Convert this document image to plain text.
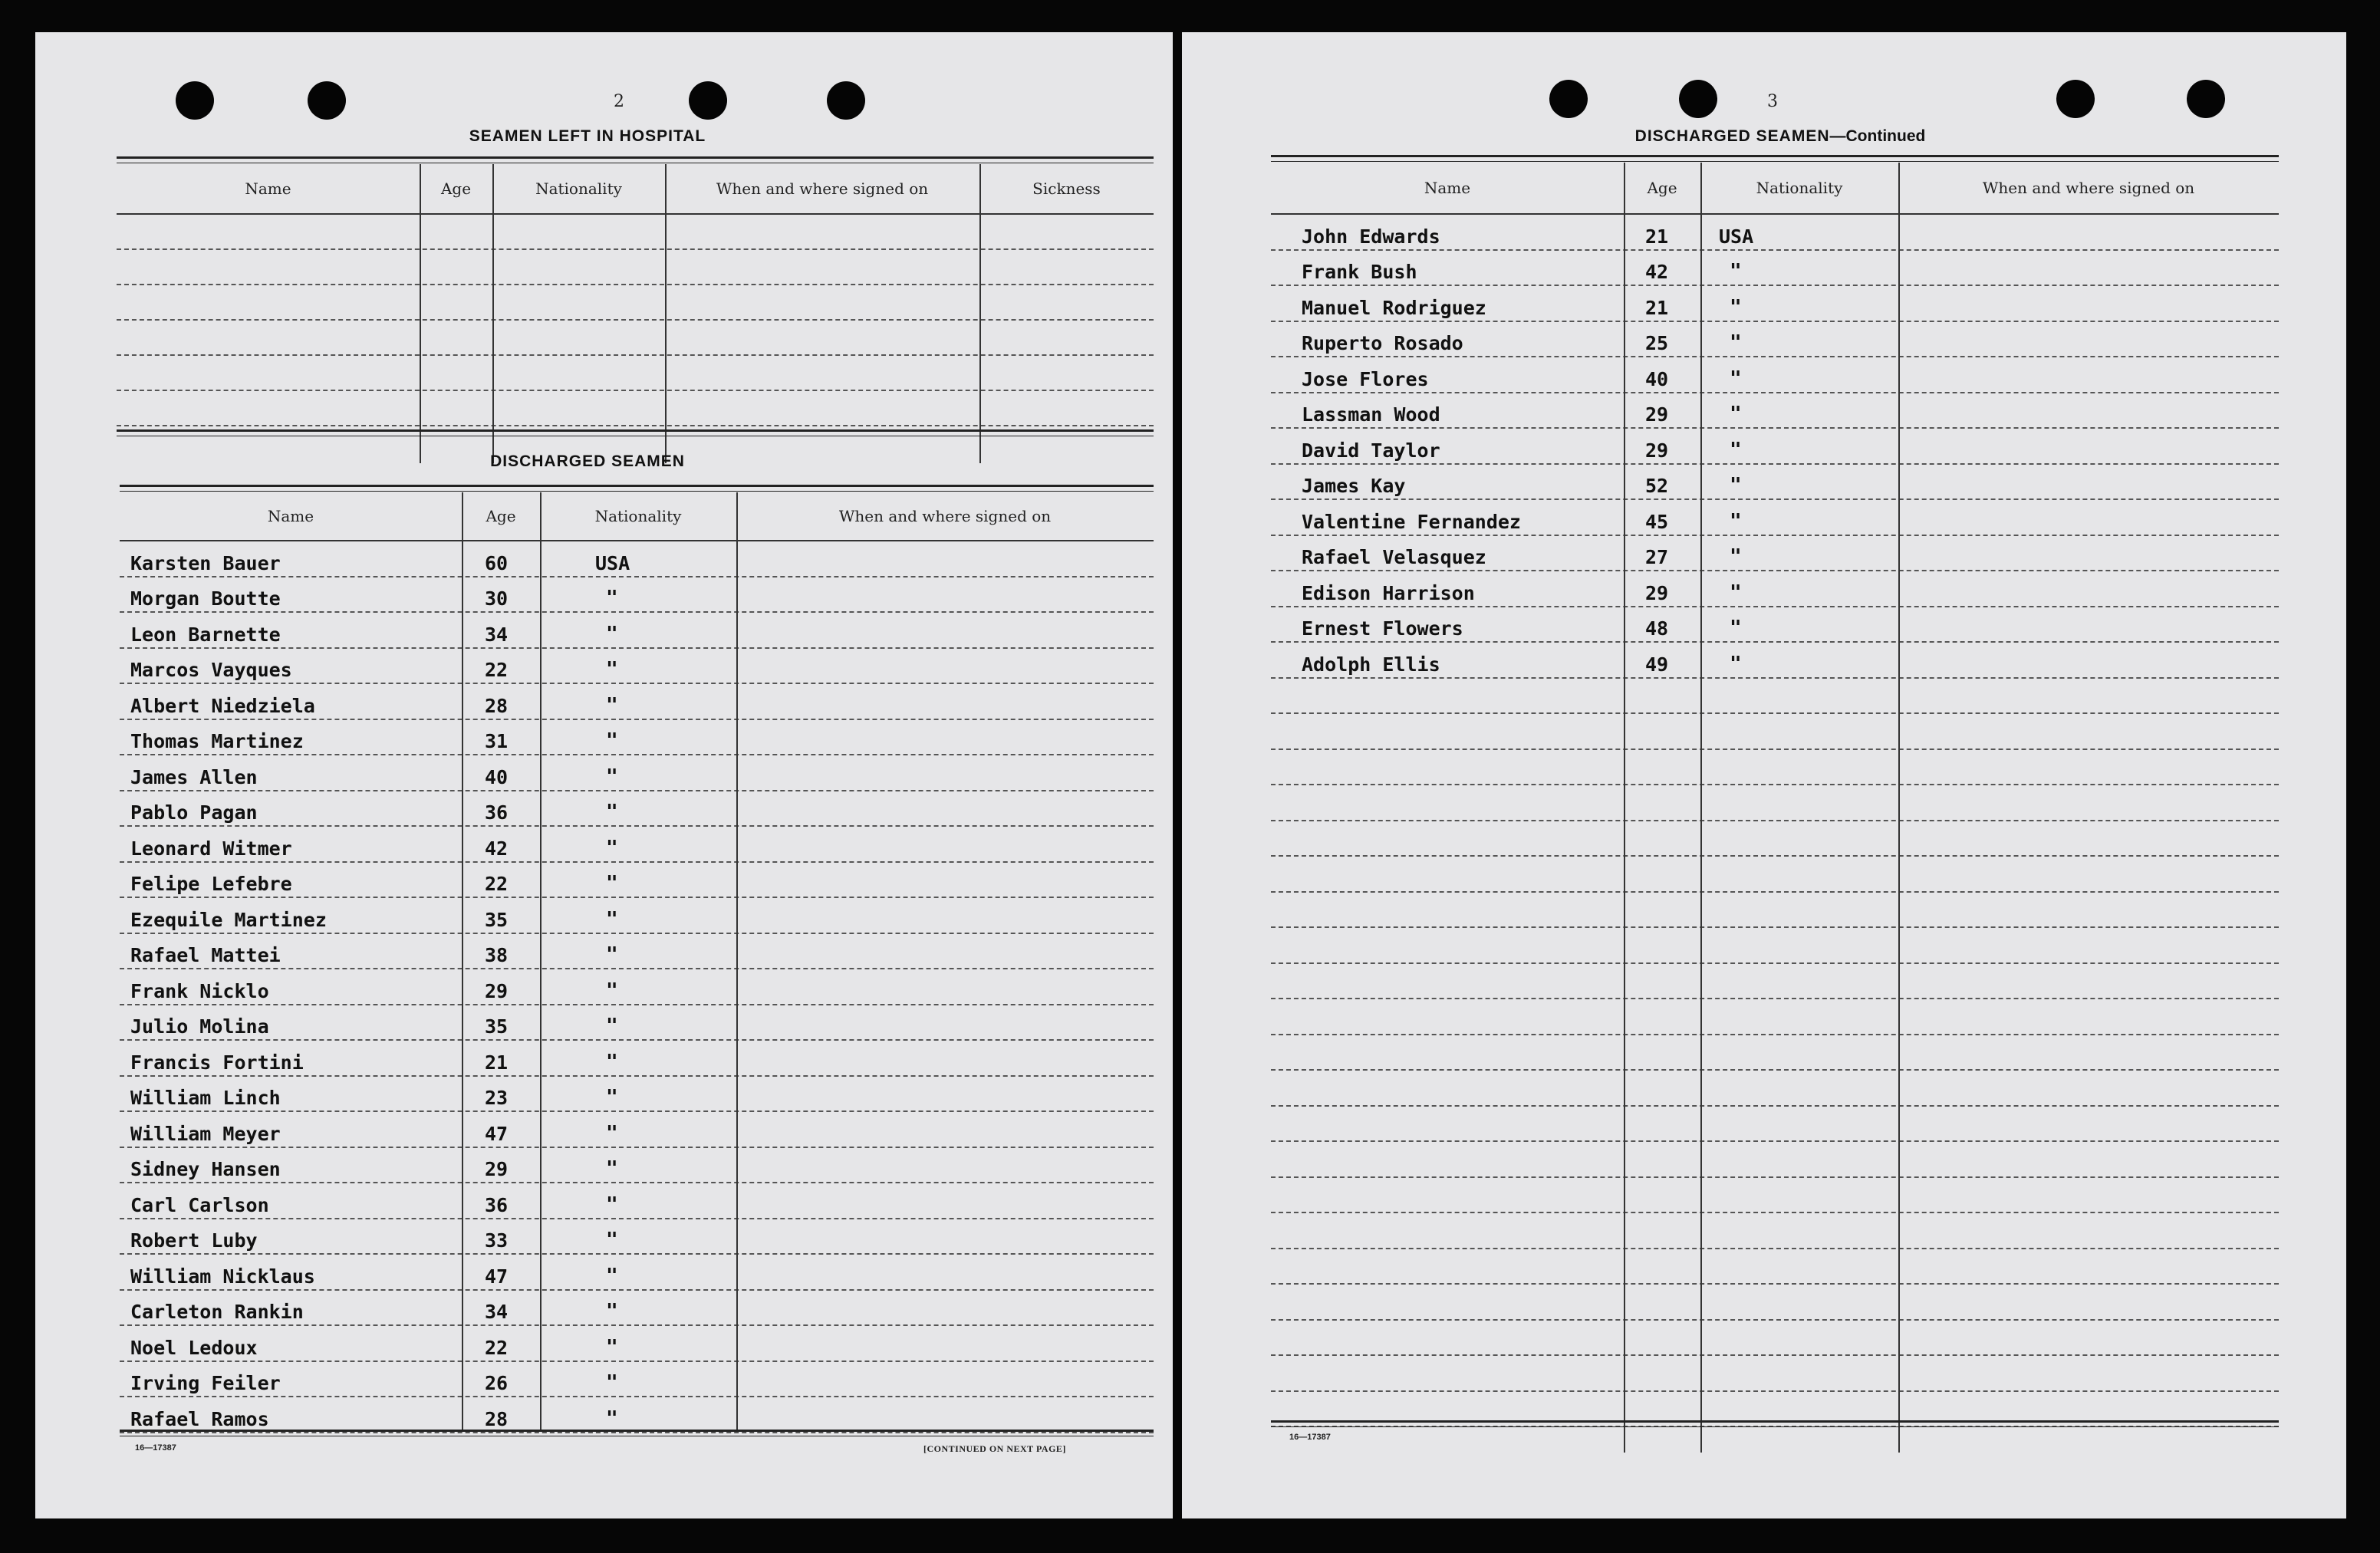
2
SEAMEN LEFT IN HOSPITAL
Name	Age	Nationality	When and where signed on	Sickness
DISCHARGED SEAMEN
Name	Age	Nationality	When and where signed on
Karsten Bauer	60	USA
Morgan Boutte	30	"
Leon Barnette	34	"
Marcos Vayques	22	"
Albert Niedziela	28	"
Thomas Martinez	31	"
James Allen	40	"
Pablo Pagan	36	"
Leonard Witmer	42	"
Felipe Lefebre	22	"
Ezequile Martinez	35	"
Rafael Mattei	38	"
Frank Nicklo	29	"
Julio Molina	35	"
Francis Fortini	21	"
William Linch	23	"
William Meyer	47	"
Sidney Hansen	29	"
Carl Carlson	36	"
Robert Luby	33	"
William Nicklaus	47	"
Carleton Rankin	34	"
Noel Ledoux	22	"
Irving Feiler	26	"
Rafael Ramos	28	"
16—17387	[CONTINUED ON NEXT PAGE]
3
DISCHARGED SEAMEN—Continued
Name	Age	Nationality	When and where signed on
John Edwards	21	USA
Frank Bush	42	"
Manuel Rodriguez	21	"
Ruperto Rosado	25	"
Jose Flores	40	"
Lassman Wood	29	"
David Taylor	29	"
James Kay	52	"
Valentine Fernandez	45	"
Rafael Velasquez	27	"
Edison Harrison	29	"
Ernest Flowers	48	"
Adolph Ellis	49	"
16—17387
